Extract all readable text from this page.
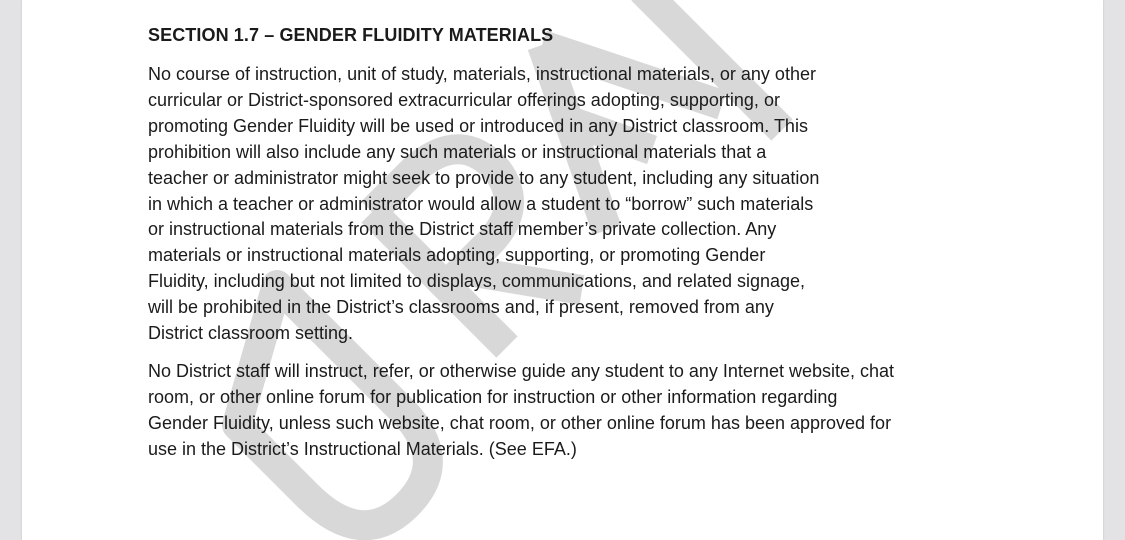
SECTION 1.7 – GENDER FLUIDITY MATERIALS

No course of instruction, unit of study, materials, instructional materials, or any other
curricular or District-sponsored extracurricular offerings adopting, supporting, or
promoting Gender Fluidity will be used or introduced in any District classroom. This
prohibition will also include any such materials or instructional materials that a
teacher or administrator might seek to provide to any student, including any situation
in which a teacher or administrator would allow a student to “borrow” such materials
or instructional materials from the District staff member’s private collection. Any
materials or instructional materials adopting, supporting, or promoting Gender
Fluidity, including but not limited to displays, communications, and related signage,
will be prohibited in the District’s classrooms and, if present, removed from any
District classroom setting.

No District staff will instruct, refer, or otherwise guide any student to any Internet website, chat
room, or other online forum for publication for instruction or other information regarding
Gender Fluidity, unless such website, chat room, or other online forum has been approved for
use in the District’s Instructional Materials. (See EFA.)
